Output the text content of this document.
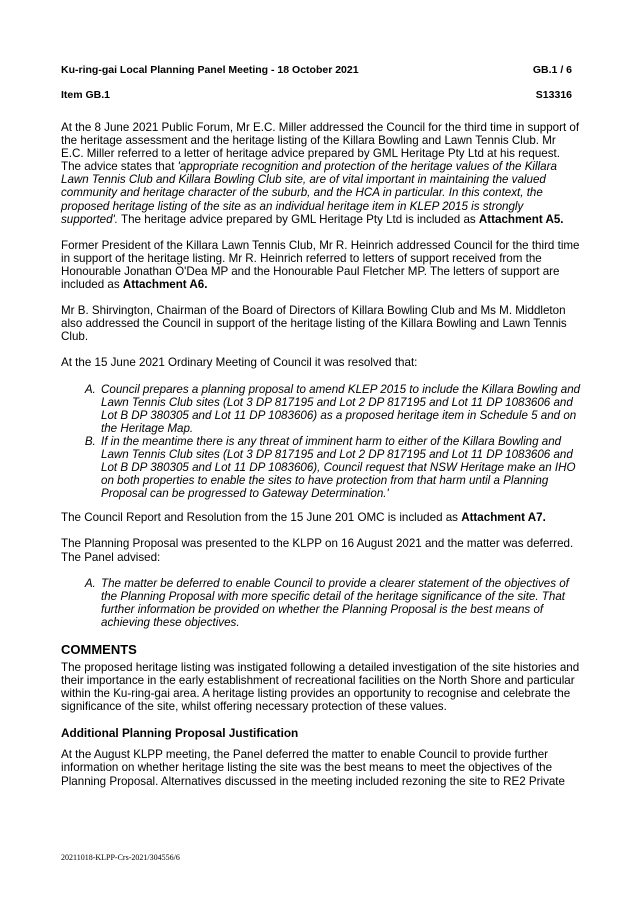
Ku-ring-gai Local Planning Panel Meeting - 18 October 2021	GB.1 / 6
Item GB.1	S13316

At the 8 June 2021 Public Forum, Mr E.C. Miller addressed the Council for the third time in support of the heritage assessment and the heritage listing of the Killara Bowling and Lawn Tennis Club. Mr E.C. Miller referred to a letter of heritage advice prepared by GML Heritage Pty Ltd at his request. The advice states that 'appropriate recognition and protection of the heritage values of the Killara Lawn Tennis Club and Killara Bowling Club site, are of vital important in maintaining the valued community and heritage character of the suburb, and the HCA in particular. In this context, the proposed heritage listing of the site as an individual heritage item in KLEP 2015 is strongly supported'. The heritage advice prepared by GML Heritage Pty Ltd is included as Attachment A5.

Former President of the Killara Lawn Tennis Club, Mr R. Heinrich addressed Council for the third time in support of the heritage listing. Mr R. Heinrich referred to letters of support received from the Honourable Jonathan O'Dea MP and the Honourable Paul Fletcher MP. The letters of support are included as Attachment A6.

Mr B. Shirvington, Chairman of the Board of Directors of Killara Bowling Club and Ms M. Middleton also addressed the Council in support of the heritage listing of the Killara Bowling and Lawn Tennis Club.

At the 15 June 2021 Ordinary Meeting of Council it was resolved that:

A. Council prepares a planning proposal to amend KLEP 2015 to include the Killara Bowling and Lawn Tennis Club sites (Lot 3 DP 817195 and Lot 2 DP 817195 and Lot 11 DP 1083606 and Lot B DP 380305 and Lot 11 DP 1083606) as a proposed heritage item in Schedule 5 and on the Heritage Map.
B. If in the meantime there is any threat of imminent harm to either of the Killara Bowling and Lawn Tennis Club sites (Lot 3 DP 817195 and Lot 2 DP 817195 and Lot 11 DP 1083606 and Lot B DP 380305 and Lot 11 DP 1083606), Council request that NSW Heritage make an IHO on both properties to enable the sites to have protection from that harm until a Planning Proposal can be progressed to Gateway Determination.'

The Council Report and Resolution from the 15 June 201 OMC is included as Attachment A7.

The Planning Proposal was presented to the KLPP on 16 August 2021 and the matter was deferred. The Panel advised:

A. The matter be deferred to enable Council to provide a clearer statement of the objectives of the Planning Proposal with more specific detail of the heritage significance of the site. That further information be provided on whether the Planning Proposal is the best means of achieving these objectives.
COMMENTS

The proposed heritage listing was instigated following a detailed investigation of the site histories and their importance in the early establishment of recreational facilities on the North Shore and particular within the Ku-ring-gai area. A heritage listing provides an opportunity to recognise and celebrate the significance of the site, whilst offering necessary protection of these values.

Additional Planning Proposal Justification

At the August KLPP meeting, the Panel deferred the matter to enable Council to provide further information on whether heritage listing the site was the best means to meet the objectives of the Planning Proposal. Alternatives discussed in the meeting included rezoning the site to RE2 Private

20211018-KLPP-Crs-2021/304556/6
